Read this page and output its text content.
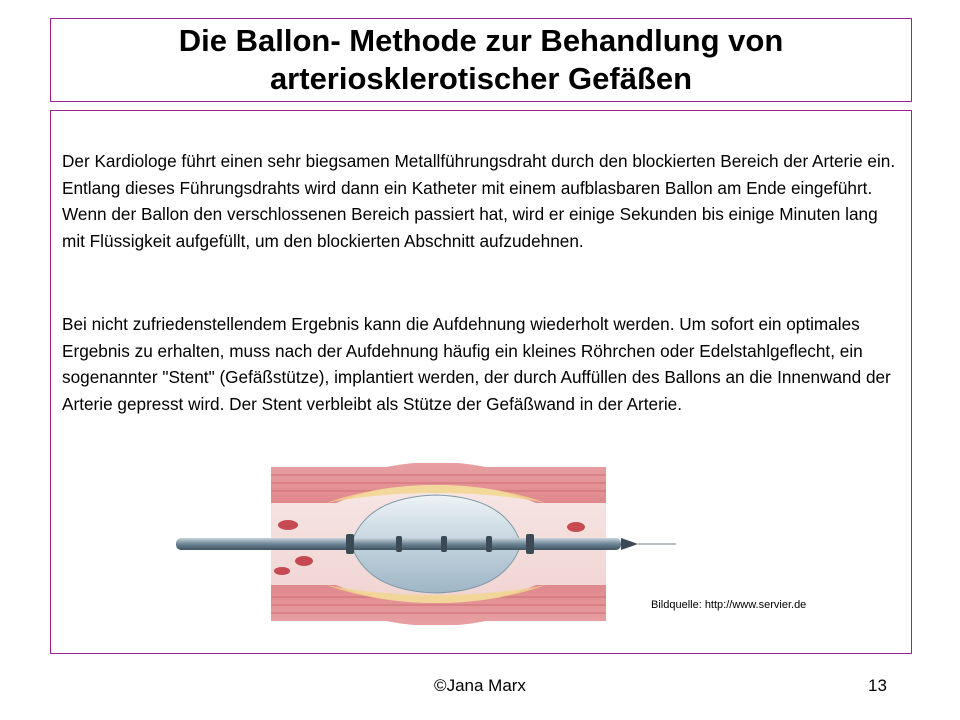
Die Ballon- Methode zur Behandlung von
arteriosklerotischer Gefäßen

Der Kardiologe führt einen sehr biegsamen Metallführungsdraht durch den blockierten Bereich der Arterie ein. Entlang dieses Führungsdrahts wird dann ein Katheter mit einem aufblasbaren Ballon am Ende eingeführt. Wenn der Ballon den verschlossenen Bereich passiert hat, wird er einige Sekunden bis einige Minuten lang mit Flüssigkeit aufgefüllt, um den blockierten Abschnitt aufzudehnen.

Bei nicht zufriedenstellendem Ergebnis kann die Aufdehnung wiederholt werden. Um sofort ein optimales Ergebnis zu erhalten, muss nach der Aufdehnung häufig ein kleines Röhrchen oder Edelstahlgeflecht, ein sogenannter "Stent" (Gefäßstütze), implantiert werden, der durch Auffüllen des Ballons an die Innenwand der Arterie gepresst wird. Der Stent verbleibt als Stütze der Gefäßwand in der Arterie.

Bildquelle: http://www.servier.de
©Jana Marx	13
